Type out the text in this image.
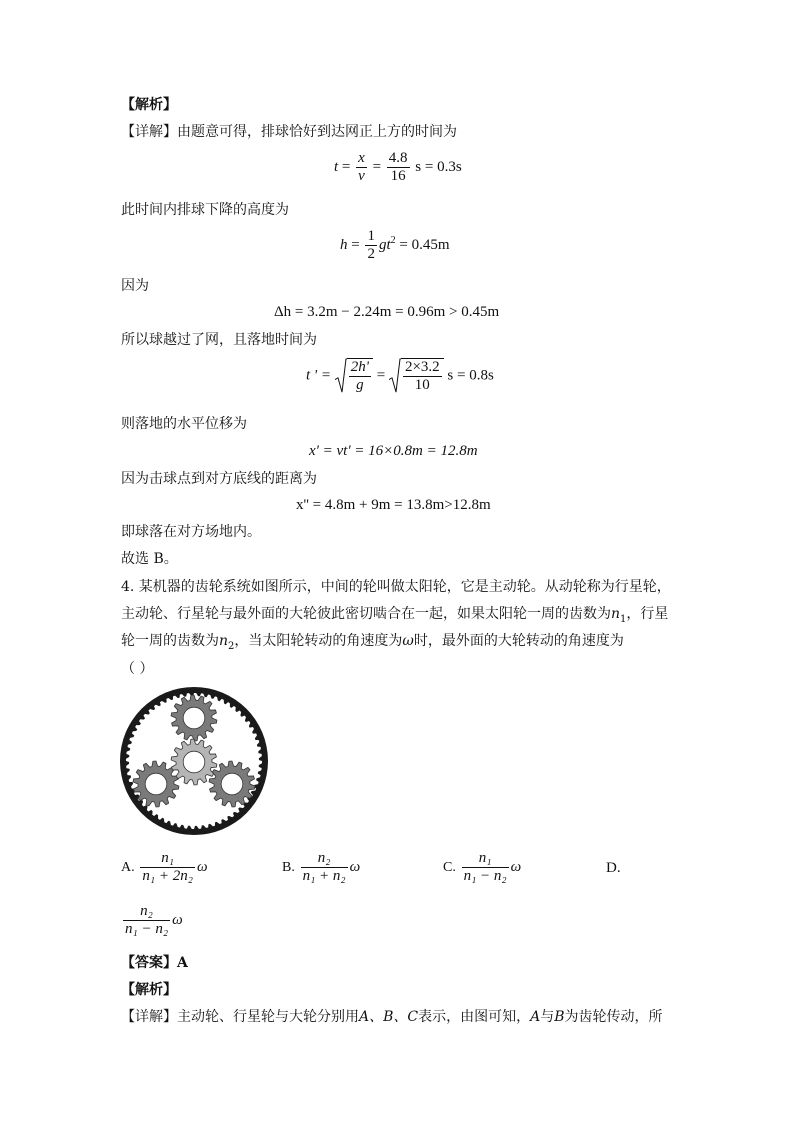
【解析】
【详解】由题意可得，排球恰好到达网正上方的时间为
$t = \frac{x}{v} = \frac{4.8}{16}$ s = 0.3s
此时间内排球下降的高度为
$h = \frac{1}{2} gt^2 = 0.45m$
因为
Δh = 3.2m − 2.24m = 0.96m > 0.45m
所以球越过了网，且落地时间为
t ' = $\frac{2h'}{g} = \frac{2\times 3.2}{10}$ s = 0.8s
则落地的水平位移为
x' = vt' = 16×0.8m = 12.8m
因为击球点到对方底线的距离为
x'' = 4.8m + 9m = 13.8m>12.8m
即球落在对方场地内。
故选 B。
4. 某机器的齿轮系统如图所示，中间的轮叫做太阳轮，它是主动轮。从动轮称为行星轮，
主动轮、行星轮与最外面的大轮彼此密切啮合在一起，如果太阳轮一周的齿数为$n_1$，行星
轮一周的齿数为$n_2$，当太阳轮转动的角速度为ω时，最外面的大轮转动的角速度为
（ ）
A. $\frac{\text{n₁}}{\text{n₁ + 2n₂}}$ ω	B. $\frac{\text{n₂}}{\text{n₁ + n₂}}$ ω	C. $\frac{\text{n₁}}{\text{n₁ − n₂}}$ ω	D.
$\frac{\text{n₂}}{\text{n₁ − n₂}}$ ω
【答案】A
【解析】
【详解】主动轮、行星轮与大轮分别用A、B、C表示，由图可知，A与B为齿轮传动，所
